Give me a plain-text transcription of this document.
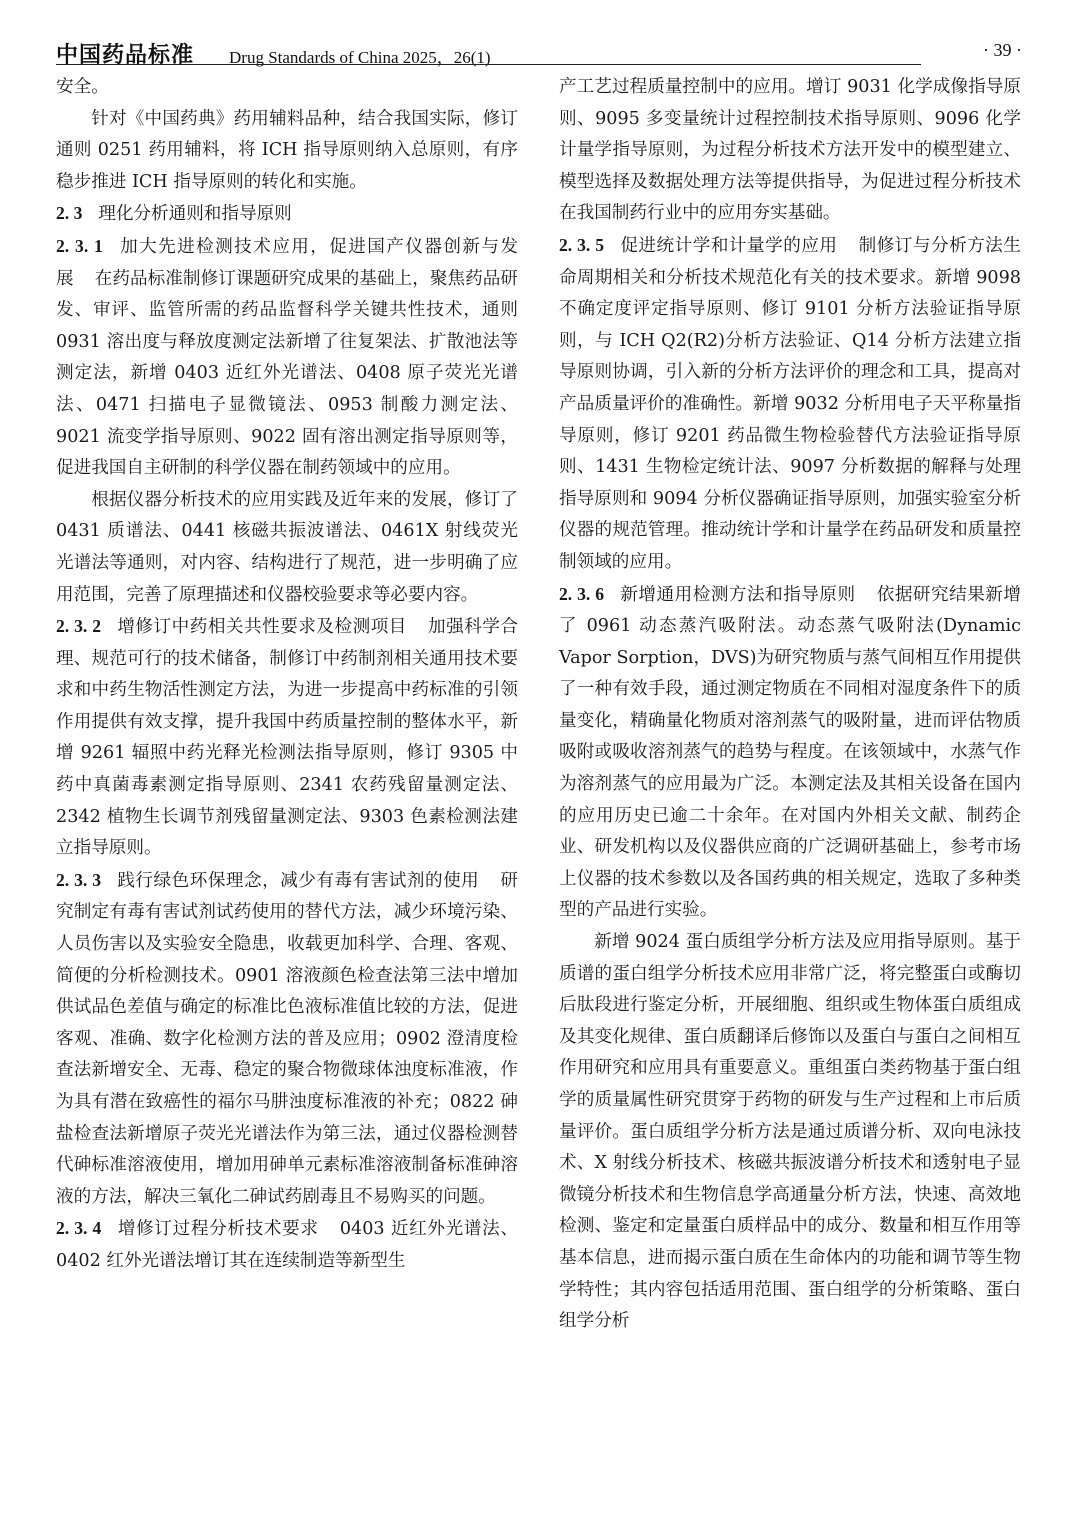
中国药品标准 Drug Standards of China 2025，26(1)	· 39 ·

安全。

针对《中国药典》药用辅料品种，结合我国实际，修订通则 0251 药用辅料，将 ICH 指导原则纳入总原则，有序稳步推进 ICH 指导原则的转化和实施。

2. 3 理化分析通则和指导原则

2. 3. 1 加大先进检测技术应用，促进国产仪器创新与发展 在药品标准制修订课题研究成果的基础上，聚焦药品研发、审评、监管所需的药品监督科学关键共性技术，通则 0931 溶出度与释放度测定法新增了往复架法、扩散池法等测定法，新增 0403 近红外光谱法、0408 原子荧光光谱法、0471 扫描电子显微镜法、0953 制酸力测定法、9021 流变学指导原则、9022 固有溶出测定指导原则等，促进我国自主研制的科学仪器在制药领域中的应用。

根据仪器分析技术的应用实践及近年来的发展，修订了 0431 质谱法、0441 核磁共振波谱法、0461X 射线荧光光谱法等通则，对内容、结构进行了规范，进一步明确了应用范围，完善了原理描述和仪器校验要求等必要内容。

2. 3. 2 增修订中药相关共性要求及检测项目 加强科学合理、规范可行的技术储备，制修订中药制剂相关通用技术要求和中药生物活性测定方法，为进一步提高中药标准的引领作用提供有效支撑，提升我国中药质量控制的整体水平，新增 9261 辐照中药光释光检测法指导原则，修订 9305 中药中真菌毒素测定指导原则、2341 农药残留量测定法、2342 植物生长调节剂残留量测定法、9303 色素检测法建立指导原则。

2. 3. 3 践行绿色环保理念，减少有毒有害试剂的使用 研究制定有毒有害试剂试药使用的替代方法，减少环境污染、人员伤害以及实验安全隐患，收载更加科学、合理、客观、简便的分析检测技术。0901 溶液颜色检查法第三法中增加供试品色差值与确定的标准比色液标准值比较的方法，促进客观、准确、数字化检测方法的普及应用；0902 澄清度检查法新增安全、无毒、稳定的聚合物微球体浊度标准液，作为具有潜在致癌性的福尔马肼浊度标准液的补充；0822 砷盐检查法新增原子荧光光谱法作为第三法，通过仪器检测替代砷标准溶液使用，增加用砷单元素标准溶液制备标准砷溶液的方法，解决三氧化二砷试药剧毒且不易购买的问题。

2. 3. 4 增修订过程分析技术要求 0403 近红外光谱法、0402 红外光谱法增订其在连续制造等新型生

产工艺过程质量控制中的应用。增订 9031 化学成像指导原则、9095 多变量统计过程控制技术指导原则、9096 化学计量学指导原则，为过程分析技术方法开发中的模型建立、模型选择及数据处理方法等提供指导，为促进过程分析技术在我国制药行业中的应用夯实基础。

2. 3. 5 促进统计学和计量学的应用 制修订与分析方法生命周期相关和分析技术规范化有关的技术要求。新增 9098 不确定度评定指导原则、修订 9101 分析方法验证指导原则，与 ICH Q2(R2)分析方法验证、Q14 分析方法建立指导原则协调，引入新的分析方法评价的理念和工具，提高对产品质量评价的准确性。新增 9032 分析用电子天平称量指导原则，修订 9201 药品微生物检验替代方法验证指导原则、1431 生物检定统计法、9097 分析数据的解释与处理指导原则和 9094 分析仪器确证指导原则，加强实验室分析仪器的规范管理。推动统计学和计量学在药品研发和质量控制领域的应用。

2. 3. 6 新增通用检测方法和指导原则 依据研究结果新增了 0961 动态蒸汽吸附法。动态蒸气吸附法(Dynamic Vapor Sorption，DVS)为研究物质与蒸气间相互作用提供了一种有效手段，通过测定物质在不同相对湿度条件下的质量变化，精确量化物质对溶剂蒸气的吸附量，进而评估物质吸附或吸收溶剂蒸气的趋势与程度。在该领域中，水蒸气作为溶剂蒸气的应用最为广泛。本测定法及其相关设备在国内的应用历史已逾二十余年。在对国内外相关文献、制药企业、研发机构以及仪器供应商的广泛调研基础上，参考市场上仪器的技术参数以及各国药典的相关规定，选取了多种类型的产品进行实验。

新增 9024 蛋白质组学分析方法及应用指导原则。基于质谱的蛋白组学分析技术应用非常广泛，将完整蛋白或酶切后肽段进行鉴定分析，开展细胞、组织或生物体蛋白质组成及其变化规律、蛋白质翻译后修饰以及蛋白与蛋白之间相互作用研究和应用具有重要意义。重组蛋白类药物基于蛋白组学的质量属性研究贯穿于药物的研发与生产过程和上市后质量评价。蛋白质组学分析方法是通过质谱分析、双向电泳技术、X 射线分析技术、核磁共振波谱分析技术和透射电子显微镜分析技术和生物信息学高通量分析方法，快速、高效地检测、鉴定和定量蛋白质样品中的成分、数量和相互作用等基本信息，进而揭示蛋白质在生命体内的功能和调节等生物学特性；其内容包括适用范围、蛋白组学的分析策略、蛋白组学分析
